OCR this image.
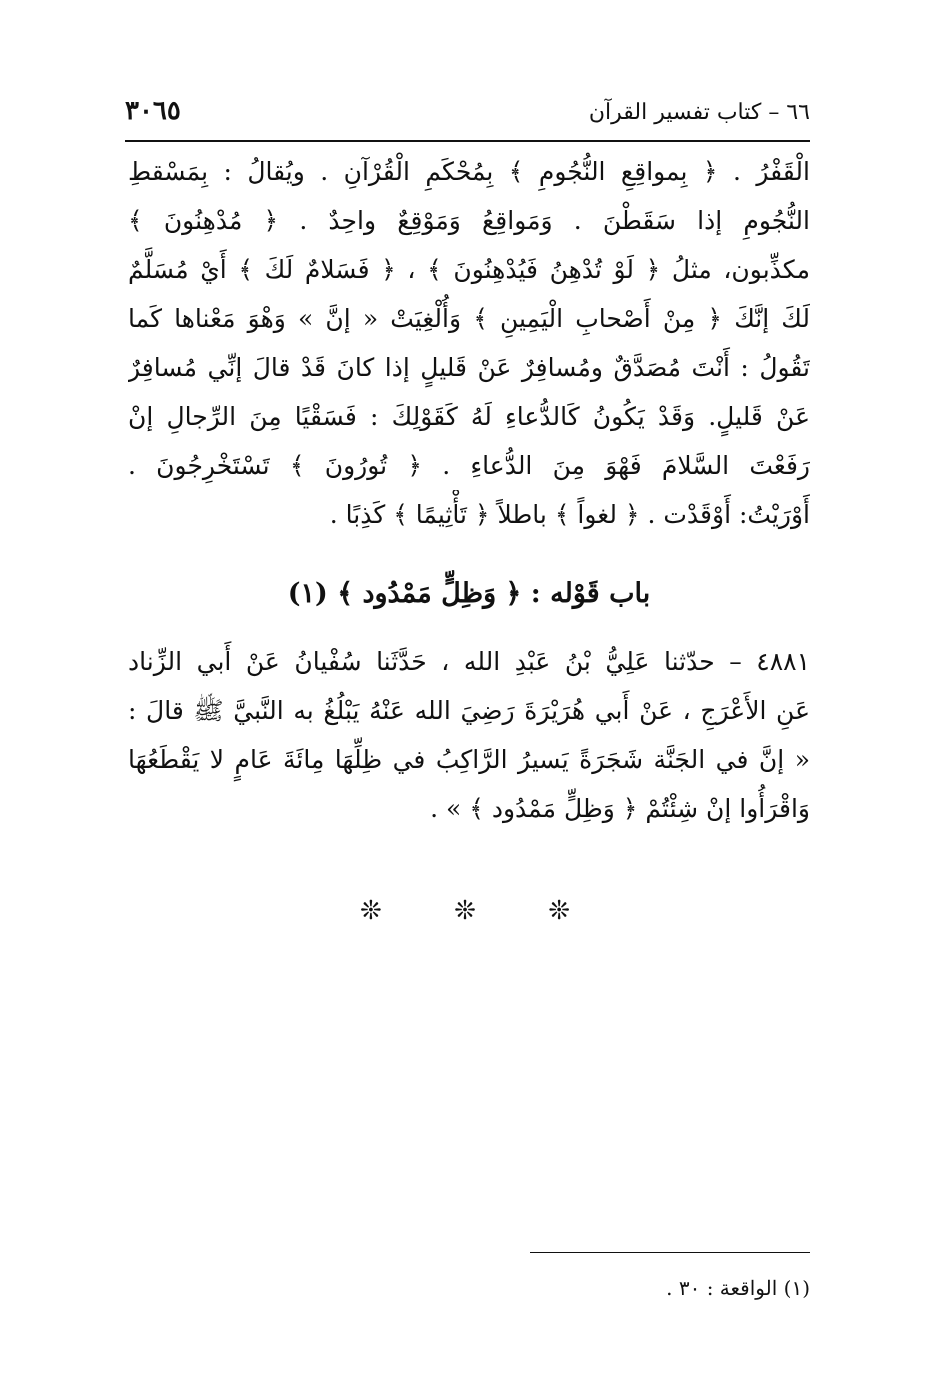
٦٦ – كتاب تفسير القرآن
٣٠٦٥
الْقَفْرُ . ﴿ بِمواقِعِ النُّجُومِ ﴾ بِمُحْكَمِ الْقُرْآنِ . ويُقالُ : بِمَسْقطِ
النُّجُومِ إذا سَقَطْنَ . وَمَواقِعُ وَمَوْقِعٌ واحِدٌ . ﴿ مُدْهِنُونَ ﴾
مكذِّبون، مثلُ ﴿ لَوْ تُدْهِنُ فَيُدْهِنُونَ ﴾ ، ﴿ فَسَلامٌ لَكَ ﴾ أَيْ مُسَلَّمٌ
لَكَ إنَّكَ ﴿ مِنْ أَصْحابِ الْيَمِينِ ﴾ وَأُلْغِيَتْ « إنَّ » وَهْوَ مَعْناها كَما
تَقُولُ : أَنْتَ مُصَدَّقٌ ومُسافِرٌ عَنْ قَليلٍ إذا كانَ قَدْ قالَ إنِّي مُسافِرٌ
عَنْ قَليلٍ. وَقَدْ يَكُونُ كَالدُّعاءِ لَهُ كَقَوْلِكَ : فَسَقْيًا مِنَ الرِّجالِ إنْ
رَفَعْتَ السَّلامَ فَهْوَ مِنَ الدُّعاءِ . ﴿ تُورُونَ ﴾ تَسْتَخْرِجُونَ .
أَوْرَيْتُ: أَوْقَدْت . ﴿ لغواً ﴾ باطلاً ﴿ تَأْثِيمًا ﴾ كَذِبًا .
باب قَوْله : ﴿ وَظِلٍّ مَمْدُود ﴾ (١)
٤٨٨١ – حدّثنا عَلِيُّ بْنُ عَبْدِ الله ، حَدَّثَنا سُفْيانُ عَنْ أَبي الزِّناد
عَنِ الأَعْرَجِ ، عَنْ أَبي هُرَيْرَةَ رَضِيَ الله عَنْهُ يَبْلُغُ به النَّبيَّ ﷺ قالَ :
« إنَّ في الجَنَّة شَجَرَةً يَسيرُ الرَّاكِبُ في ظِلِّهَا مِائَةَ عَامٍ لا يَقْطَعُهَا
وَاقْرَأُوا إنْ شِئْتُمْ ﴿ وَظِلٍّ مَمْدُود ﴾ » .
❊
❊
❊
(١) الواقعة : ٣٠ .
